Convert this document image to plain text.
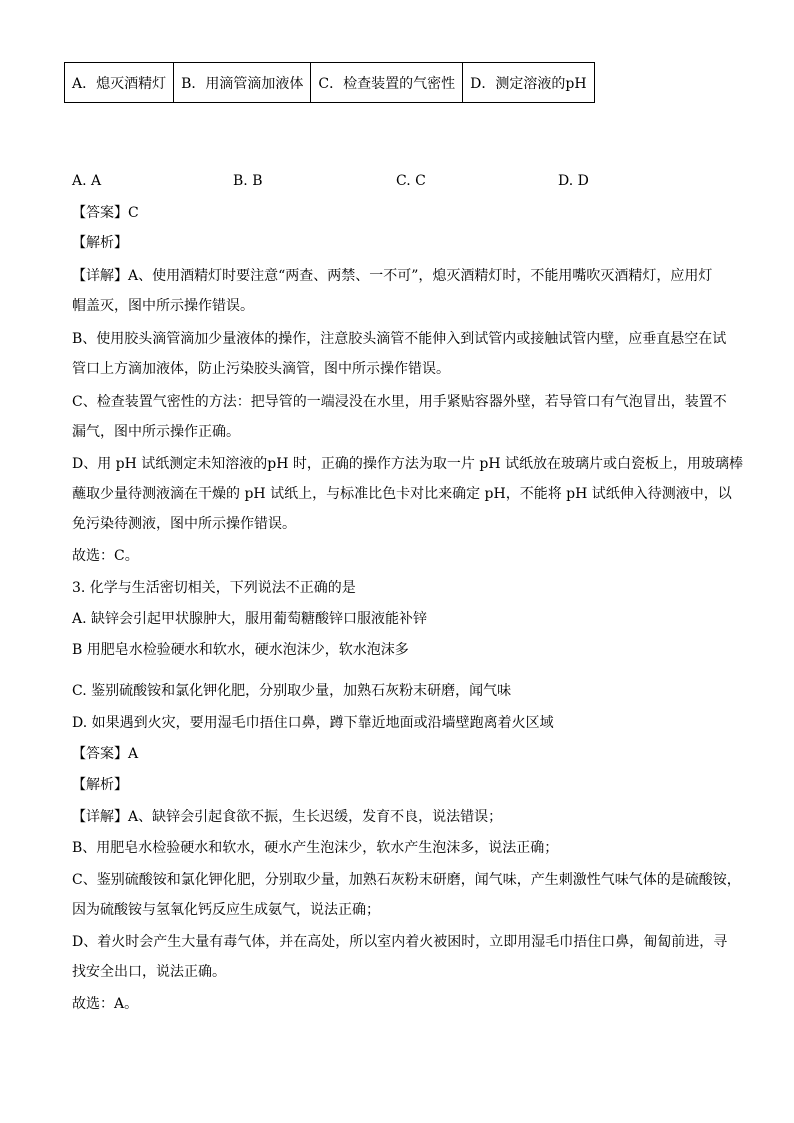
A．熄灭酒精灯	B．用滴管滴加液体	C．检查装置的气密性	D．测定溶液的pH
A. A	B. B	C. C	D. D
【答案】C
【解析】
【详解】A、使用酒精灯时要注意“两查、两禁、一不可”，熄灭酒精灯时，不能用嘴吹灭酒精灯，应用灯
帽盖灭，图中所示操作错误。
B、使用胶头滴管滴加少量液体的操作，注意胶头滴管不能伸入到试管内或接触试管内壁，应垂直悬空在试
管口上方滴加液体，防止污染胶头滴管，图中所示操作错误。
C、检查装置气密性的方法：把导管的一端浸没在水里，用手紧贴容器外壁，若导管口有气泡冒出，装置不
漏气，图中所示操作正确。
D、用 pH 试纸测定未知溶液的pH 时，正确的操作方法为取一片 pH 试纸放在玻璃片或白瓷板上，用玻璃棒
蘸取少量待测液滴在干燥的 pH 试纸上，与标准比色卡对比来确定 pH，不能将 pH 试纸伸入待测液中，以
免污染待测液，图中所示操作错误。
故选：C。
3. 化学与生活密切相关，下列说法不正确的是
A. 缺锌会引起甲状腺肿大，服用葡萄糖酸锌口服液能补锌
B 用肥皂水检验硬水和软水，硬水泡沫少，软水泡沫多
C. 鉴别硫酸铵和氯化钾化肥，分别取少量，加熟石灰粉末研磨，闻气味
D. 如果遇到火灾，要用湿毛巾捂住口鼻，蹲下靠近地面或沿墙壁跑离着火区域
【答案】A
【解析】
【详解】A、缺锌会引起食欲不振，生长迟缓，发育不良，说法错误；
B、用肥皂水检验硬水和软水，硬水产生泡沫少，软水产生泡沫多，说法正确；
C、鉴别硫酸铵和氯化钾化肥，分别取少量，加熟石灰粉末研磨，闻气味，产生刺激性气味气体的是硫酸铵，
因为硫酸铵与氢氧化钙反应生成氨气，说法正确；
D、着火时会产生大量有毒气体，并在高处，所以室内着火被困时，立即用湿毛巾捂住口鼻，匍匐前进，寻
找安全出口，说法正确。
故选：A。
